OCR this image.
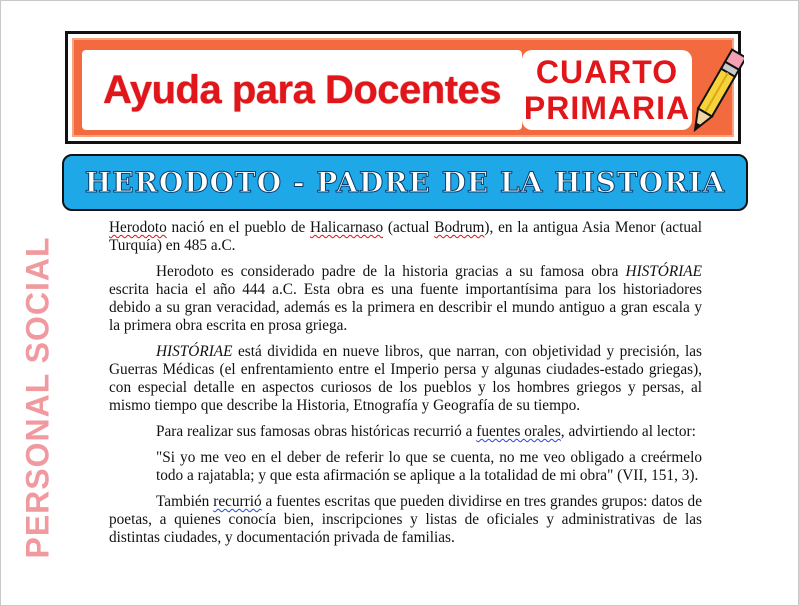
Ayuda para Docentes	CUARTO
PRIMARIA
HERODOTO - PADRE DE LA HISTORIA
PERSONAL SOCIAL

Herodoto nació en el pueblo de Halicarnaso (actual Bodrum), en la antigua Asia Menor (actual Turquía) en 485 a.C.

Herodoto es considerado padre de la historia gracias a su famosa obra HISTÓRIAE escrita hacia el año 444 a.C. Esta obra es una fuente importantísima para los historiadores debido a su gran veracidad, además es la primera en describir el mundo antiguo a gran escala y la primera obra escrita en prosa griega.

HISTÓRIAE está dividida en nueve libros, que narran, con objetividad y precisión, las Guerras Médicas (el enfrentamiento entre el Imperio persa y algunas ciudades-estado griegas), con especial detalle en aspectos curiosos de los pueblos y los hombres griegos y persas, al mismo tiempo que describe la Historia, Etnografía y Geografía de su tiempo.

Para realizar sus famosas obras históricas recurrió a fuentes orales, advirtiendo al lector:

"Si yo me veo en el deber de referir lo que se cuenta, no me veo obligado a creérmelo todo a rajatabla; y que esta afirmación se aplique a la totalidad de mi obra" (VII, 151, 3).

También recurrió a fuentes escritas que pueden dividirse en tres grandes grupos: datos de poetas, a quienes conocía bien, inscripciones y listas de oficiales y administrativas de las distintas ciudades, y documentación privada de familias.
